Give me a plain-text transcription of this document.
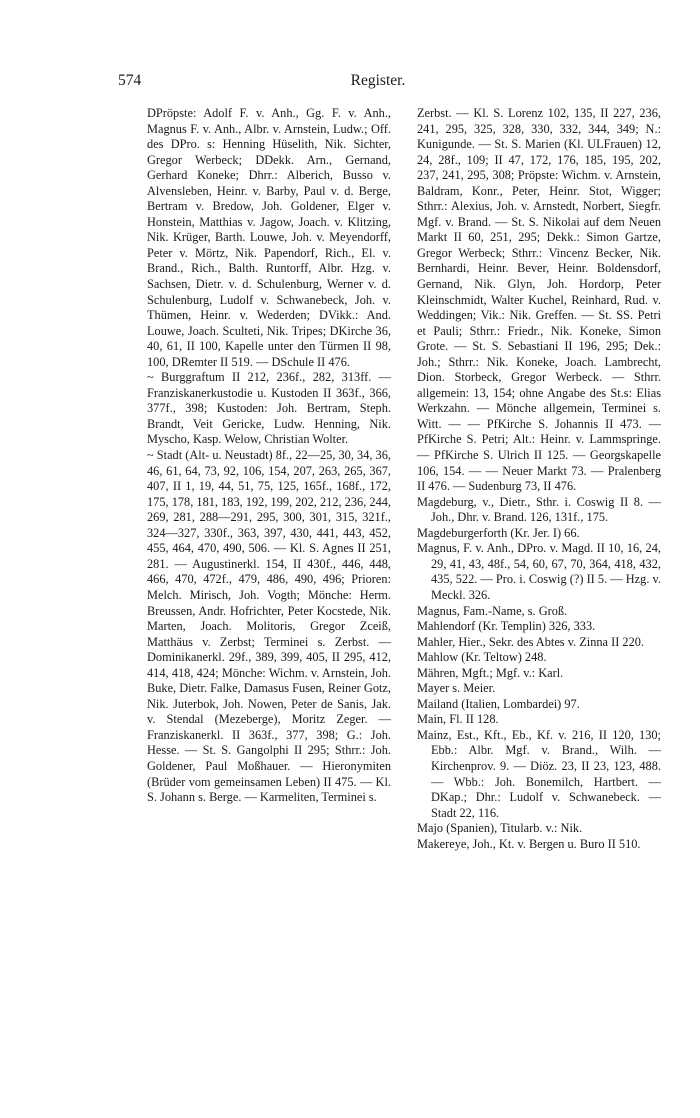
574	Register.

DPröpste: Adolf F. v. Anh., Gg. F. v. Anh., Magnus F. v. Anh., Albr. v. Arnstein, Ludw.; Off. des DPro. s: Henning Hüselith, Nik. Sichter, Gregor Werbeck; DDekk. Arn., Gernand, Gerhard Koneke; Dhrr.: Alberich, Busso v. Alvensleben, Heinr. v. Barby, Paul v. d. Berge, Bertram v. Bredow, Joh. Goldener, Elger v. Honstein, Matthias v. Jagow, Joach. v. Klitzing, Nik. Krüger, Barth. Louwe, Joh. v. Meyendorff, Peter v. Mörtz, Nik. Papendorf, Rich., El. v. Brand., Rich., Balth. Runtorff, Albr. Hzg. v. Sachsen, Dietr. v. d. Schulenburg, Werner v. d. Schulenburg, Ludolf v. Schwanebeck, Joh. v. Thümen, Heinr. v. Wederden; DVikk.: And. Louwe, Joach. Sculteti, Nik. Tripes; DKirche 36, 40, 61, II 100, Kapelle unter den Türmen II 98, 100, DRemter II 519. — DSchule II 476.

~ Burggraftum II 212, 236f., 282, 313ff. — Franziskanerkustodie u. Kustoden II 363f., 366, 377f., 398; Kustoden: Joh. Bertram, Steph. Brandt, Veit Gericke, Ludw. Henning, Nik. Myscho, Kasp. Welow, Christian Wolter.

~ Stadt (Alt- u. Neustadt) 8f., 22—25, 30, 34, 36, 46, 61, 64, 73, 92, 106, 154, 207, 263, 265, 367, 407, II 1, 19, 44, 51, 75, 125, 165f., 168f., 172, 175, 178, 181, 183, 192, 199, 202, 212, 236, 244, 269, 281, 288—291, 295, 300, 301, 315, 321f., 324—327, 330f., 363, 397, 430, 441, 443, 452, 455, 464, 470, 490, 506. — Kl. S. Agnes II 251, 281. — Augustinerkl. 154, II 430f., 446, 448, 466, 470, 472f., 479, 486, 490, 496; Prioren: Melch. Mirisch, Joh. Vogth; Mönche: Herm. Breussen, Andr. Hofrichter, Peter Kocstede, Nik. Marten, Joach. Molitoris, Gregor Zceiß, Matthäus v. Zerbst; Terminei s. Zerbst. — Dominikanerkl. 29f., 389, 399, 405, II 295, 412, 414, 418, 424; Mönche: Wichm. v. Arnstein, Joh. Buke, Dietr. Falke, Damasus Fusen, Reiner Gotz, Nik. Juterbok, Joh. Nowen, Peter de Sanis, Jak. v. Stendal (Mezeberge), Moritz Zeger. — Franziskanerkl. II 363f., 377, 398; G.: Joh. Hesse. — St. S. Gangolphi II 295; Sthrr.: Joh. Goldener, Paul Moßhauer. — Hieronymiten (Brüder vom gemeinsamen Leben) II 475. — Kl. S. Johann s. Berge. — Karmeliten, Terminei s.

Zerbst. — Kl. S. Lorenz 102, 135, II 227, 236, 241, 295, 325, 328, 330, 332, 344, 349; N.: Kunigunde. — St. S. Marien (Kl. ULFrauen) 12, 24, 28f., 109; II 47, 172, 176, 185, 195, 202, 237, 241, 295, 308; Pröpste: Wichm. v. Arnstein, Baldram, Konr., Peter, Heinr. Stot, Wigger; Sthrr.: Alexius, Joh. v. Arnstedt, Norbert, Siegfr. Mgf. v. Brand. — St. S. Nikolai auf dem Neuen Markt II 60, 251, 295; Dekk.: Simon Gartze, Gregor Werbeck; Sthrr.: Vincenz Becker, Nik. Bernhardi, Heinr. Bever, Heinr. Boldensdorf, Gernand, Nik. Glyn, Joh. Hordorp, Peter Kleinschmidt, Walter Kuchel, Reinhard, Rud. v. Weddingen; Vik.: Nik. Greffen. — St. SS. Petri et Pauli; Sthrr.: Friedr., Nik. Koneke, Simon Grote. — St. S. Sebastiani II 196, 295; Dek.: Joh.; Sthrr.: Nik. Koneke, Joach. Lambrecht, Dion. Storbeck, Gregor Werbeck. — Sthrr. allgemein: 13, 154; ohne Angabe des St.s: Elias Werkzahn. — Mönche allgemein, Terminei s. Witt. — — PfKirche S. Johannis II 473. — PfKirche S. Petri; Alt.: Heinr. v. Lammspringe. — PfKirche S. Ulrich II 125. — Georgskapelle 106, 154. — — Neuer Markt 73. — Pralenberg II 476. — Sudenburg 73, II 476.

Magdeburg, v., Dietr., Sthr. i. Coswig II 8. — Joh., Dhr. v. Brand. 126, 131f., 175.

Magdeburgerforth (Kr. Jer. I) 66.

Magnus, F. v. Anh., DPro. v. Magd. II 10, 16, 24, 29, 41, 43, 48f., 54, 60, 67, 70, 364, 418, 432, 435, 522. — Pro. i. Coswig (?) II 5. — Hzg. v. Meckl. 326.

Magnus, Fam.-Name, s. Groß.

Mahlendorf (Kr. Templin) 326, 333.

Mahler, Hier., Sekr. des Abtes v. Zinna II 220.

Mahlow (Kr. Teltow) 248.

Mähren, Mgft.; Mgf. v.: Karl.

Mayer s. Meier.

Mailand (Italien, Lombardei) 97.

Main, Fl. II 128.

Mainz, Est., Kft., Eb., Kf. v. 216, II 120, 130; Ebb.: Albr. Mgf. v. Brand., Wilh. — Kirchenprov. 9. — Diöz. 23, II 23, 123, 488. — Wbb.: Joh. Bonemilch, Hartbert. — DKap.; Dhr.: Ludolf v. Schwanebeck. — Stadt 22, 116.

Majo (Spanien), Titularb. v.: Nik.

Makereye, Joh., Kt. v. Bergen u. Buro II 510.
